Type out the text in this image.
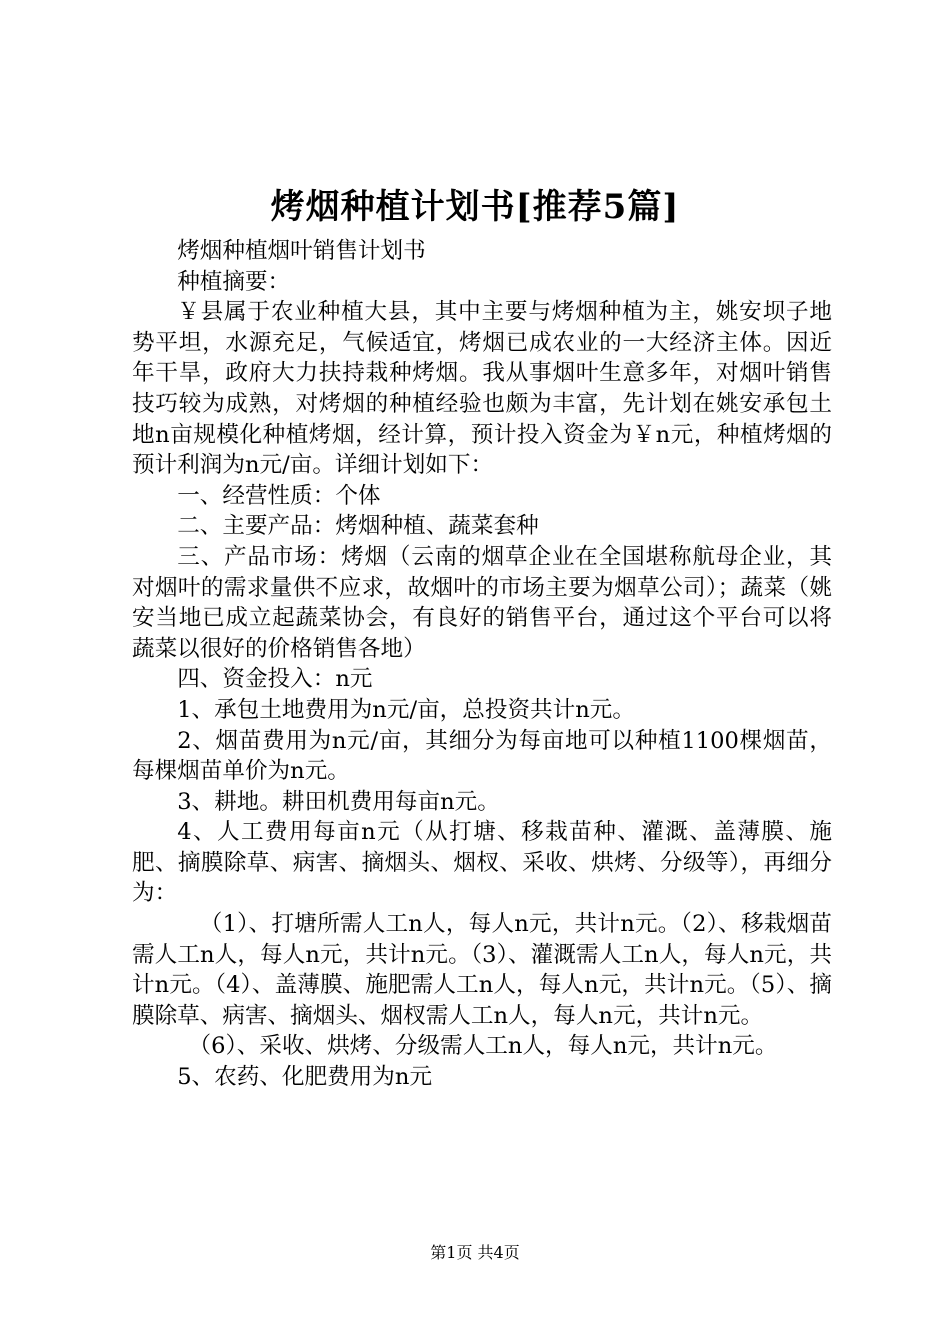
烤烟种植计划书[推荐5篇]

烤烟种植烟叶销售计划书

种植摘要：

￥县属于农业种植大县，其中主要与烤烟种植为主，姚安坝子地势平坦，水源充足，气候适宜，烤烟已成农业的一大经济主体。因近年干旱，政府大力扶持栽种烤烟。我从事烟叶生意多年，对烟叶销售技巧较为成熟，对烤烟的种植经验也颇为丰富，先计划在姚安承包土地n亩规模化种植烤烟，经计算，预计投入资金为￥n元，种植烤烟的预计利润为n元/亩。详细计划如下：

一、经营性质：个体

二、主要产品：烤烟种植、蔬菜套种

三、产品市场：烤烟（云南的烟草企业在全国堪称航母企业，其对烟叶的需求量供不应求，故烟叶的市场主要为烟草公司）；蔬菜（姚安当地已成立起蔬菜协会，有良好的销售平台，通过这个平台可以将蔬菜以很好的价格销售各地）

四、资金投入：n元

1、承包土地费用为n元/亩，总投资共计n元。

2、烟苗费用为n元/亩，其细分为每亩地可以种植1100棵烟苗，每棵烟苗单价为n元。

3、耕地。耕田机费用每亩n元。

4、人工费用每亩n元（从打塘、移栽苗种、灌溉、盖薄膜、施肥、摘膜除草、病害、摘烟头、烟杈、采收、烘烤、分级等），再细分为：

（1）、打塘所需人工n人，每人n元，共计n元。（2）、移栽烟苗需人工n人，每人n元，共计n元。（3）、灌溉需人工n人，每人n元，共计n元。（4）、盖薄膜、施肥需人工n人，每人n元，共计n元。（5）、摘膜除草、病害、摘烟头、烟杈需人工n人，每人n元，共计n元。

（6）、采收、烘烤、分级需人工n人，每人n元，共计n元。

5、农药、化肥费用为n元

第1页 共4页
